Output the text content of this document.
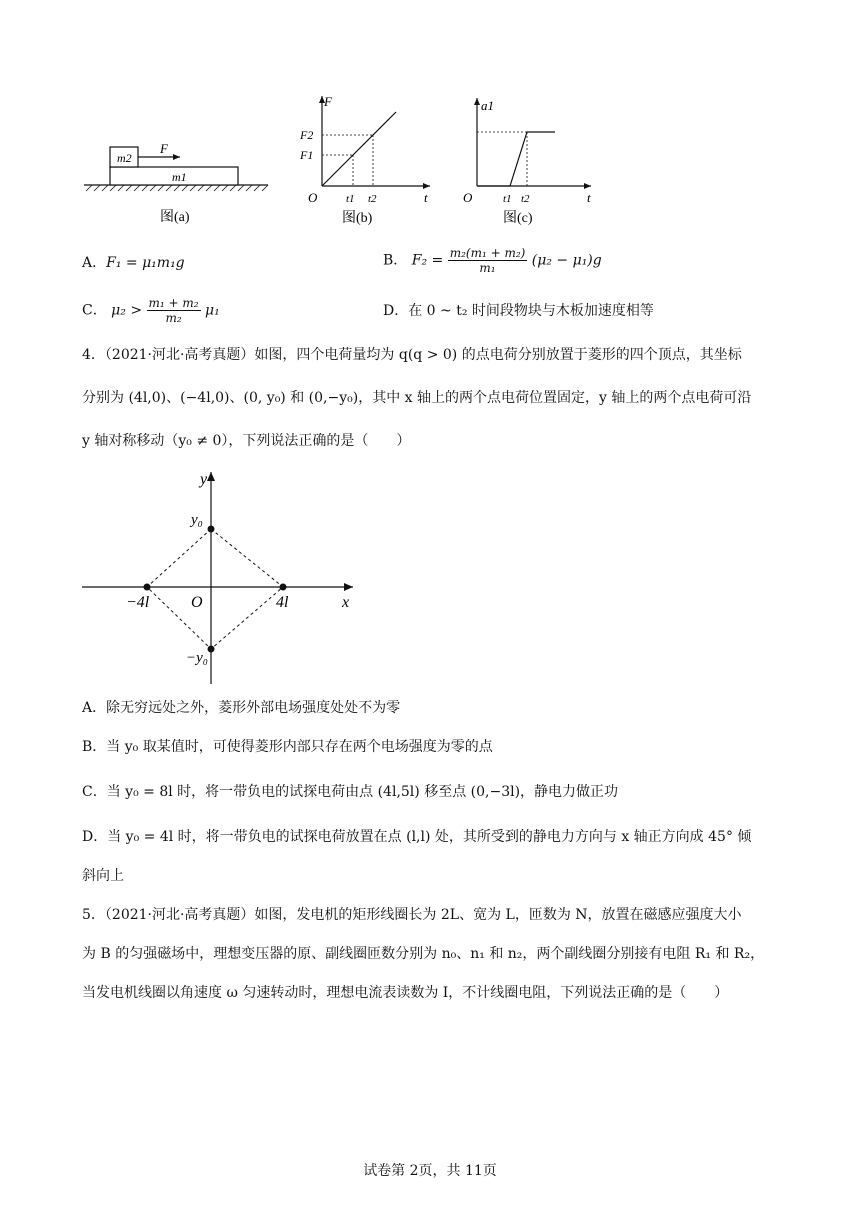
m2
m1
F
图(a)
F
t
O
F2
F1
t1 t2
图(b)
a1
t
O	t1 t2
图(c)
A．F₁ = μ₁m₁g	B． $F_2 = \frac{\text{m₂(m₁ + m₂)}}{\text{m₁}} (\mu_2 - \mu_1)g$
C． $\mu_2 > \frac{\text{m₁ + m₂}}{\text{m₂}} \mu_1$	D．在 0 ~ t₂ 时间段物块与木板加速度相等
4．（2021·河北·高考真题）如图，四个电荷量均为 q(q > 0) 的点电荷分别放置于菱形的四个顶点，其坐标
分别为 (4l,0)、(−4l,0)、(0, y₀) 和 (0,−y₀)，其中 x 轴上的两个点电荷位置固定，y 轴上的两个点电荷可沿
y 轴对称移动（y₀ ≠ 0），下列说法正确的是（　　）
y
x
O
y₀
−y₀
−4l	4l
A．除无穷远处之外，菱形外部电场强度处处不为零
B．当 y₀ 取某值时，可使得菱形内部只存在两个电场强度为零的点
C．当 y₀ = 8l 时，将一带负电的试探电荷由点 (4l,5l) 移至点 (0,−3l)，静电力做正功
D．当 y₀ = 4l 时，将一带负电的试探电荷放置在点 (l,l) 处，其所受到的静电力方向与 x 轴正方向成 45° 倾
斜向上
5．（2021·河北·高考真题）如图，发电机的矩形线圈长为 2L、宽为 L，匝数为 N，放置在磁感应强度大小
为 B 的匀强磁场中，理想变压器的原、副线圈匝数分别为 n₀、n₁ 和 n₂，两个副线圈分别接有电阻 R₁ 和 R₂，
当发电机线圈以角速度 ω 匀速转动时，理想电流表读数为 I，不计线圈电阻，下列说法正确的是（　　）
试卷第 2页，共 11页
